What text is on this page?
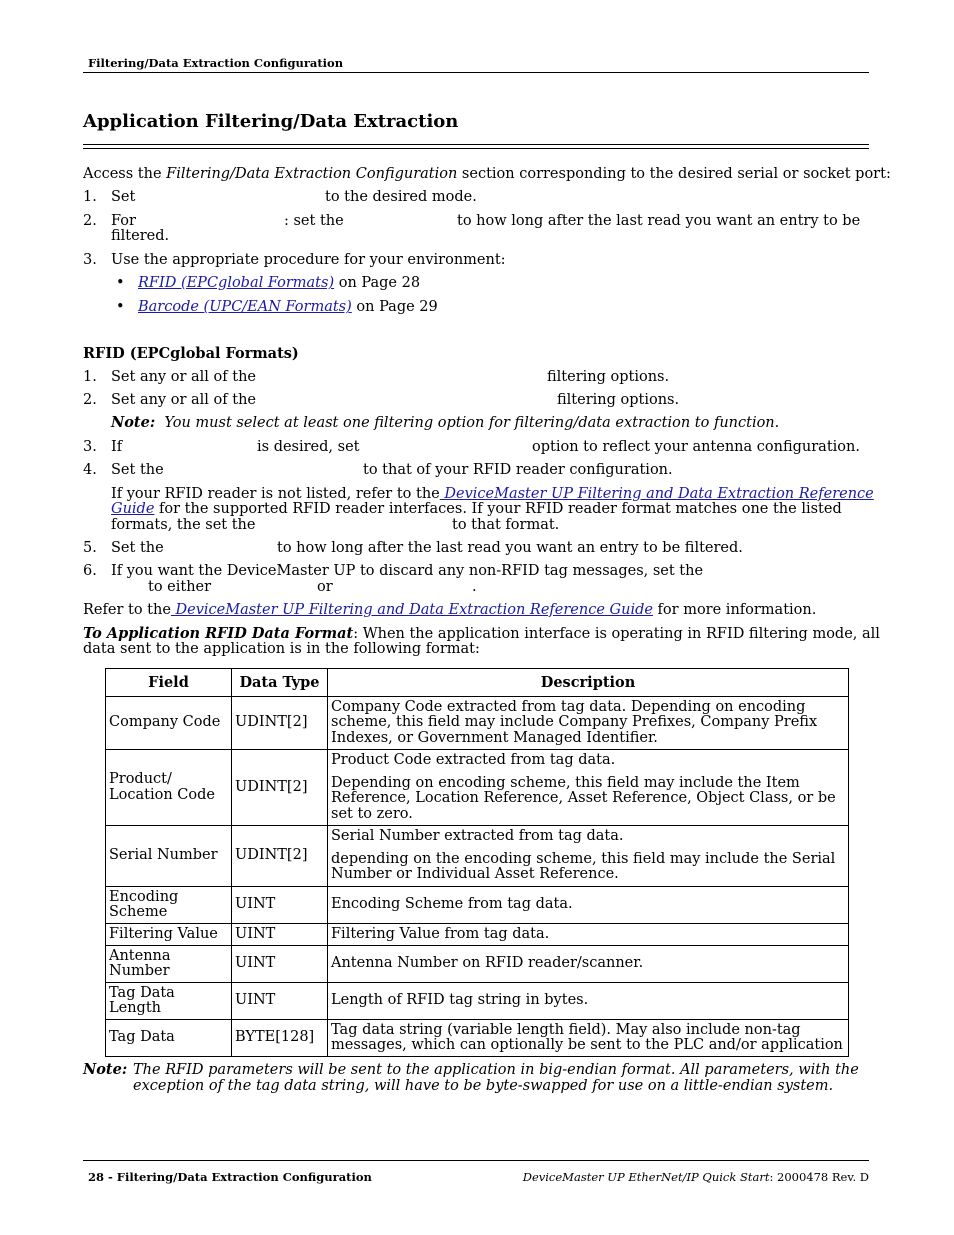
Filtering/Data Extraction Configuration
Application Filtering/Data Extraction
Access the Filtering/Data Extraction Configuration section corresponding to the desired serial or socket port:
1. Set	to the desired mode.
2. For	: set the	to how long after the last read you want an entry to be
filtered.
3. Use the appropriate procedure for your environment:
• RFID (EPCglobal Formats) on Page 28
• Barcode (UPC/EAN Formats) on Page 29
RFID (EPCglobal Formats)
1. Set any or all of the	filtering options.
2. Set any or all of the	filtering options.
Note: You must select at least one filtering option for filtering/data extraction to function.
3. If	is desired, set	option to reflect your antenna configuration.
4. Set the	to that of your RFID reader configuration.
If your RFID reader is not listed, refer to the DeviceMaster UP Filtering and Data Extraction Reference
Guide for the supported RFID reader interfaces. If your RFID reader format matches one the listed
formats, the set the	to that format.
5. Set the	to how long after the last read you want an entry to be filtered.
6. If you want the DeviceMaster UP to discard any non-RFID tag messages, set the
to either	or	.
Refer to the DeviceMaster UP Filtering and Data Extraction Reference Guide for more information.
To Application RFID Data Format: When the application interface is operating in RFID filtering mode, all
data sent to the application is in the following format:
Field	Data Type	Description
Company Code	UDINT[2]	Company Code extracted from tag data. Depending on encoding scheme, this field may include Company Prefixes, Company Prefix Indexes, or Government Managed Identifier.
Product/ Location Code	UDINT[2]	Product Code extracted from tag data.
Depending on encoding scheme, this field may include the Item Reference, Location Reference, Asset Reference, Object Class, or be set to zero.

Serial Number	UDINT[2]	Serial Number extracted from tag data.
depending on the encoding scheme, this field may include the Serial Number or Individual Asset Reference.

Encoding Scheme	UINT	Encoding Scheme from tag data.
Filtering Value	UINT	Filtering Value from tag data.
Antenna Number	UINT	Antenna Number on RFID reader/scanner.
Tag Data Length	UINT	Length of RFID tag string in bytes.
Tag Data	BYTE[128]	Tag data string (variable length field). May also include non-tag messages, which can optionally be sent to the PLC and/or application
Note: The RFID parameters will be sent to the application in big-endian format. All parameters, with the
exception of the tag data string, will have to be byte-swapped for use on a little-endian system.
28 - Filtering/Data Extraction Configuration	DeviceMaster UP EtherNet/IP Quick Start: 2000478 Rev. D
